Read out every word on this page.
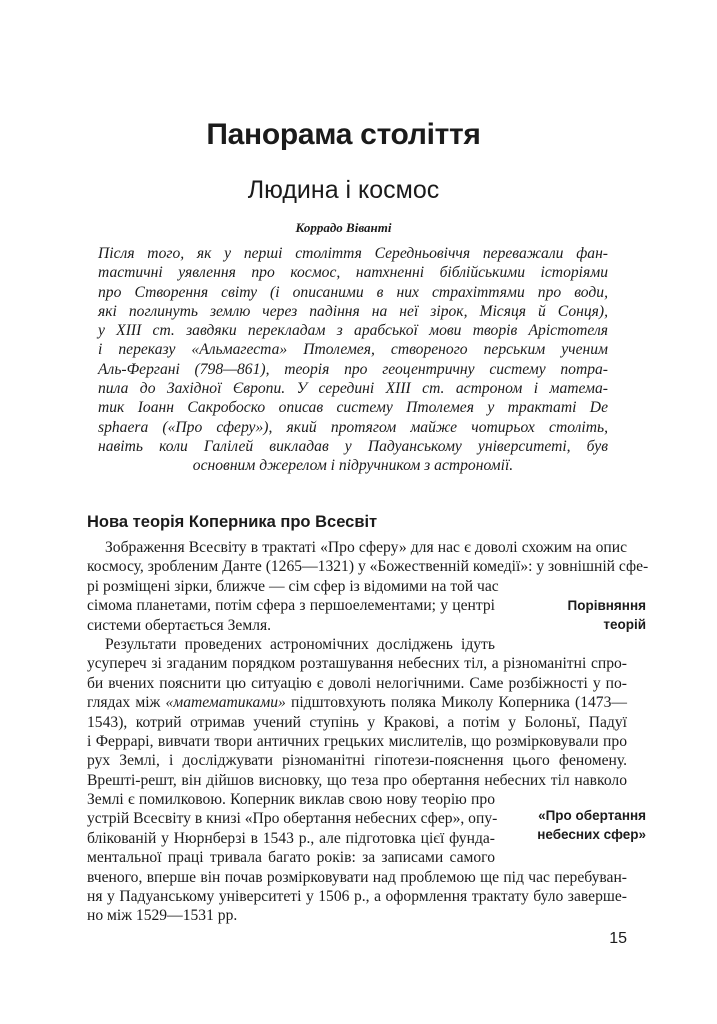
Панорама століття
Людина і космос
Коррадо Віванті
Після того, як у перші століття Середньовіччя переважали фан-
тастичні уявлення про космос, натхненні біблійськими історіями
про Створення світу (і описаними в них страхіттями про води,
які поглинуть землю через падіння на неї зірок, Місяця й Сонця),
у XIII ст. завдяки перекладам з арабської мови творів Арістотеля
і переказу «Альмагеста» Птолемея, створеного перським ученим
Аль-Фергані (798—861), теорія про геоцентричну систему потра-
пила до Західної Європи. У середині XIII ст. астроном і матема-
тик Іоанн Сакробоско описав систему Птолемея у трактаті De
sphaera («Про сферу»), який протягом майже чотирьох століть,
навіть коли Галілей викладав у Падуанському університеті, був
основним джерелом і підручником з астрономії.
Нова теорія Коперника про Всесвіт
Зображення Всесвіту в трактаті «Про сферу» для нас є доволі схожим на опис
космосу, зробленим Данте (1265—1321) у «Божественній комедії»: у зовнішній сфе-
рі розміщені зірки, ближче — сім сфер із відомими на той час
сімома планетами, потім сфера з першоелементами; у центрі
системи обертається Земля.
Результати проведених астрономічних досліджень ідуть
усупереч зі згаданим порядком розташування небесних тіл, а різноманітні спро-
би вчених пояснити цю ситуацію є доволі нелогічними. Саме розбіжності у по-
глядах між «математиками» підштовхують поляка Миколу Коперника (1473—
1543), котрий отримав учений ступінь у Кракові, а потім у Болоньї, Падуї
і Феррарі, вивчати твори античних грецьких мислителів, що розмірковували про
рух Землі, і досліджувати різноманітні гіпотези-пояснення цього феномену.
Врешті-решт, він дійшов висновку, що теза про обертання небесних тіл навколо
Землі є помилковою. Коперник виклав свою нову теорію про
устрій Всесвіту в книзі «Про обертання небесних сфер», опу-
блікованій у Нюрнберзі в 1543 р., але підготовка цієї фунда-
ментальної праці тривала багато років: за записами самого
вченого, вперше він почав розмірковувати над проблемою ще під час перебуван-
ня у Падуанському університеті у 1506 р., а оформлення трактату було заверше-
но між 1529—1531 рр.
Порівняння
теорій
«Про обертання
небесних сфер»
15
